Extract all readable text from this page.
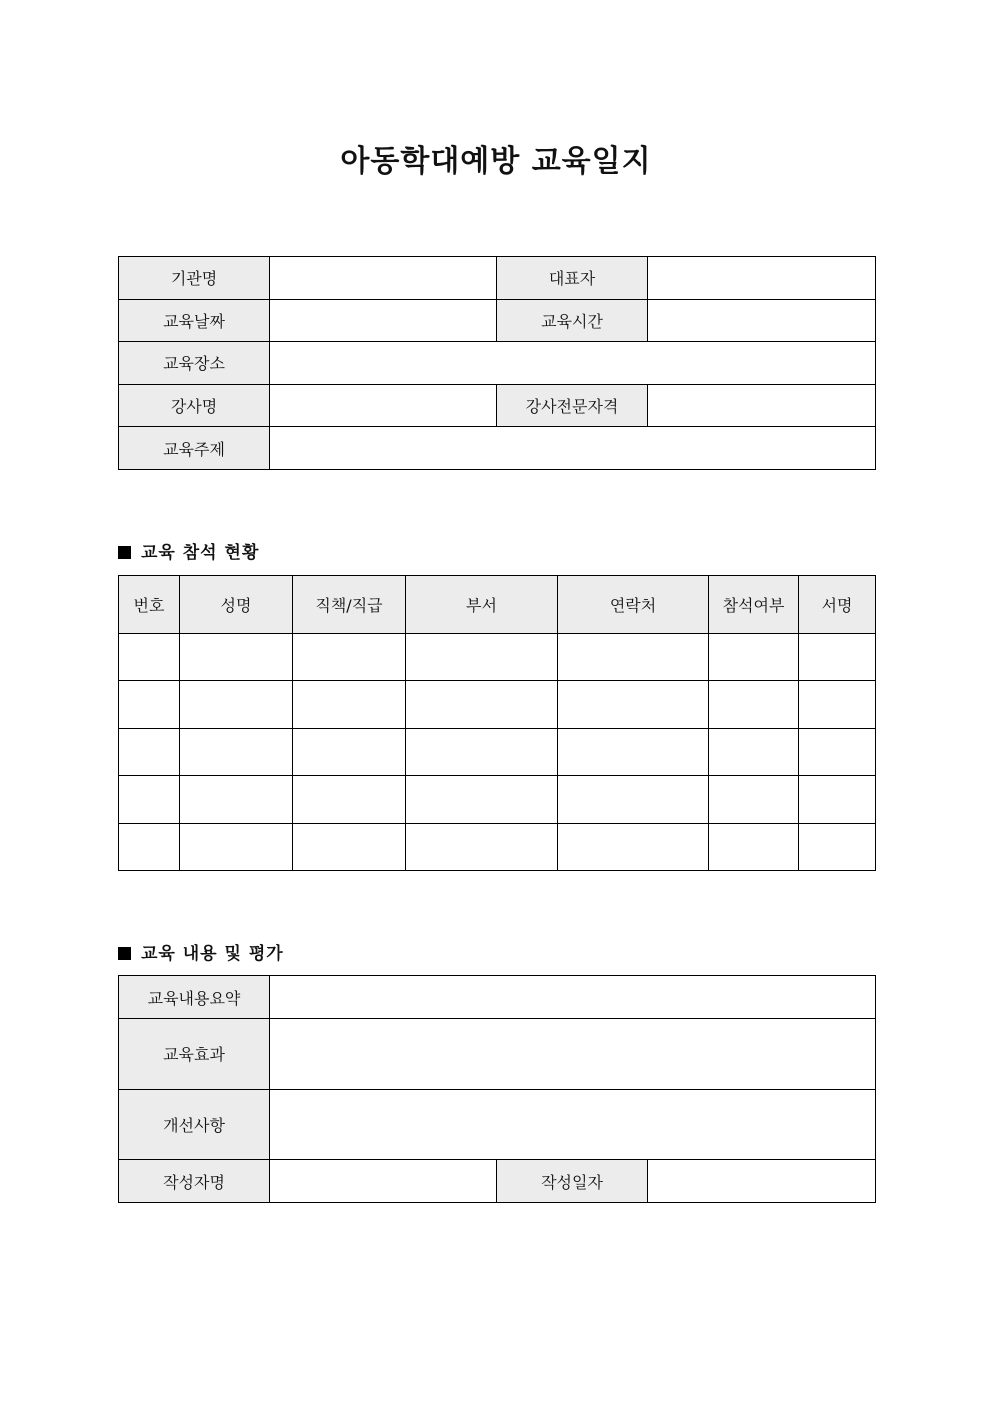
아동학대예방 교육일지
기관명		대표자	
교육날짜		교육시간	
교육장소			
강사명		강사전문자격	
교육주제			
교육 참석 현황
번호	성명	직책/직급	부서	연락처	참석여부	서명

교육 내용 및 평가
교육내용요약			
교육효과			
개선사항			
작성자명		작성일자	
